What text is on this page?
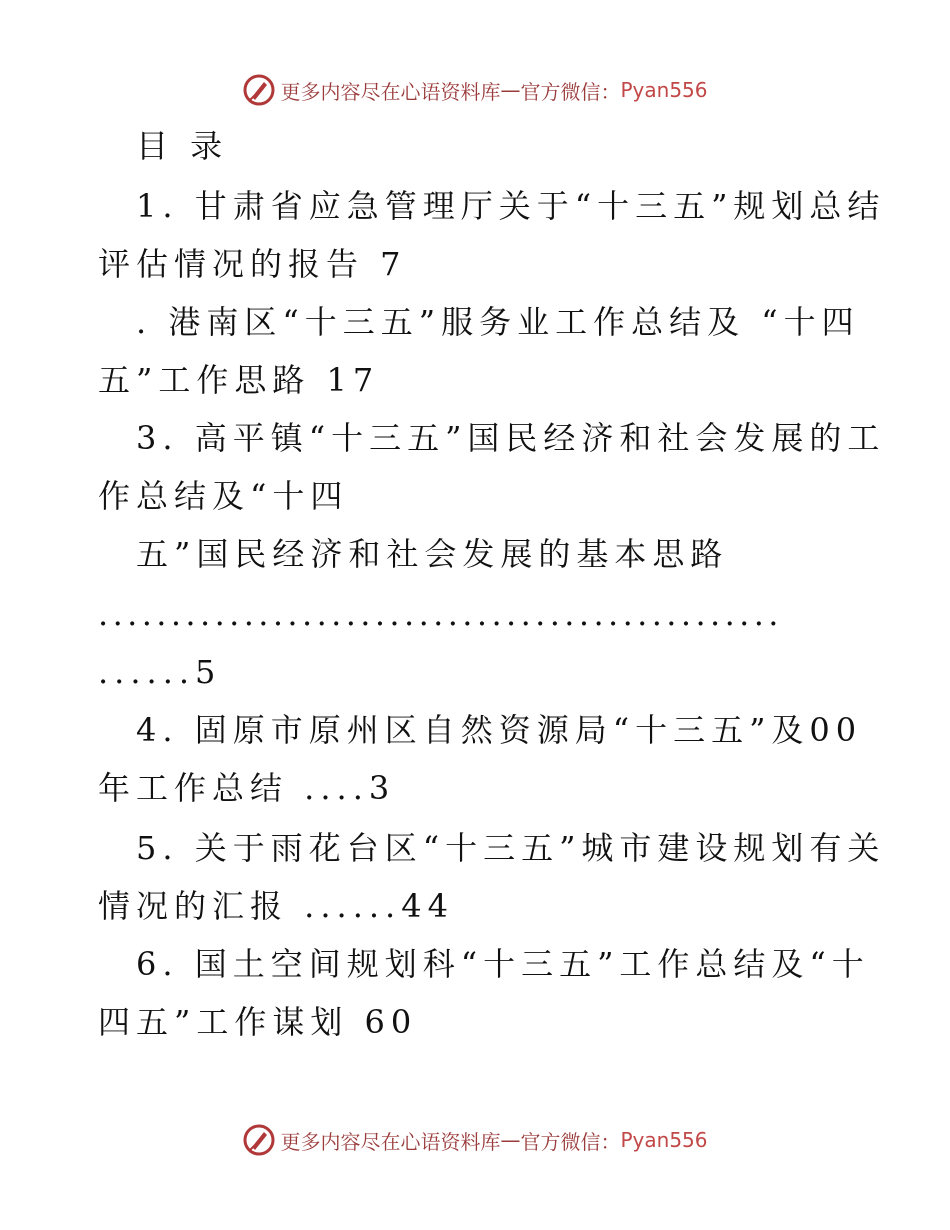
更多内容尽在心语资料库 — 官方微信： Pyan556
目 录
1. 甘肃省应急管理厅关于“十三五”规划总结
评估情况的报告 7
. 港南区“十三五”服务业工作总结及 “十四
五”工作思路 17
3. 高平镇“十三五”国民经济和社会发展的工
作总结及“十四
五”国民经济和社会发展的基本思路
...............................................
......5
4. 固原市原州区自然资源局“十三五”及00
年工作总结 ....3
5. 关于雨花台区“十三五”城市建设规划有关
情况的汇报 ......44
6. 国土空间规划科“十三五”工作总结及“十
四五”工作谋划 60
更多内容尽在心语资料库 — 官方微信： Pyan556
